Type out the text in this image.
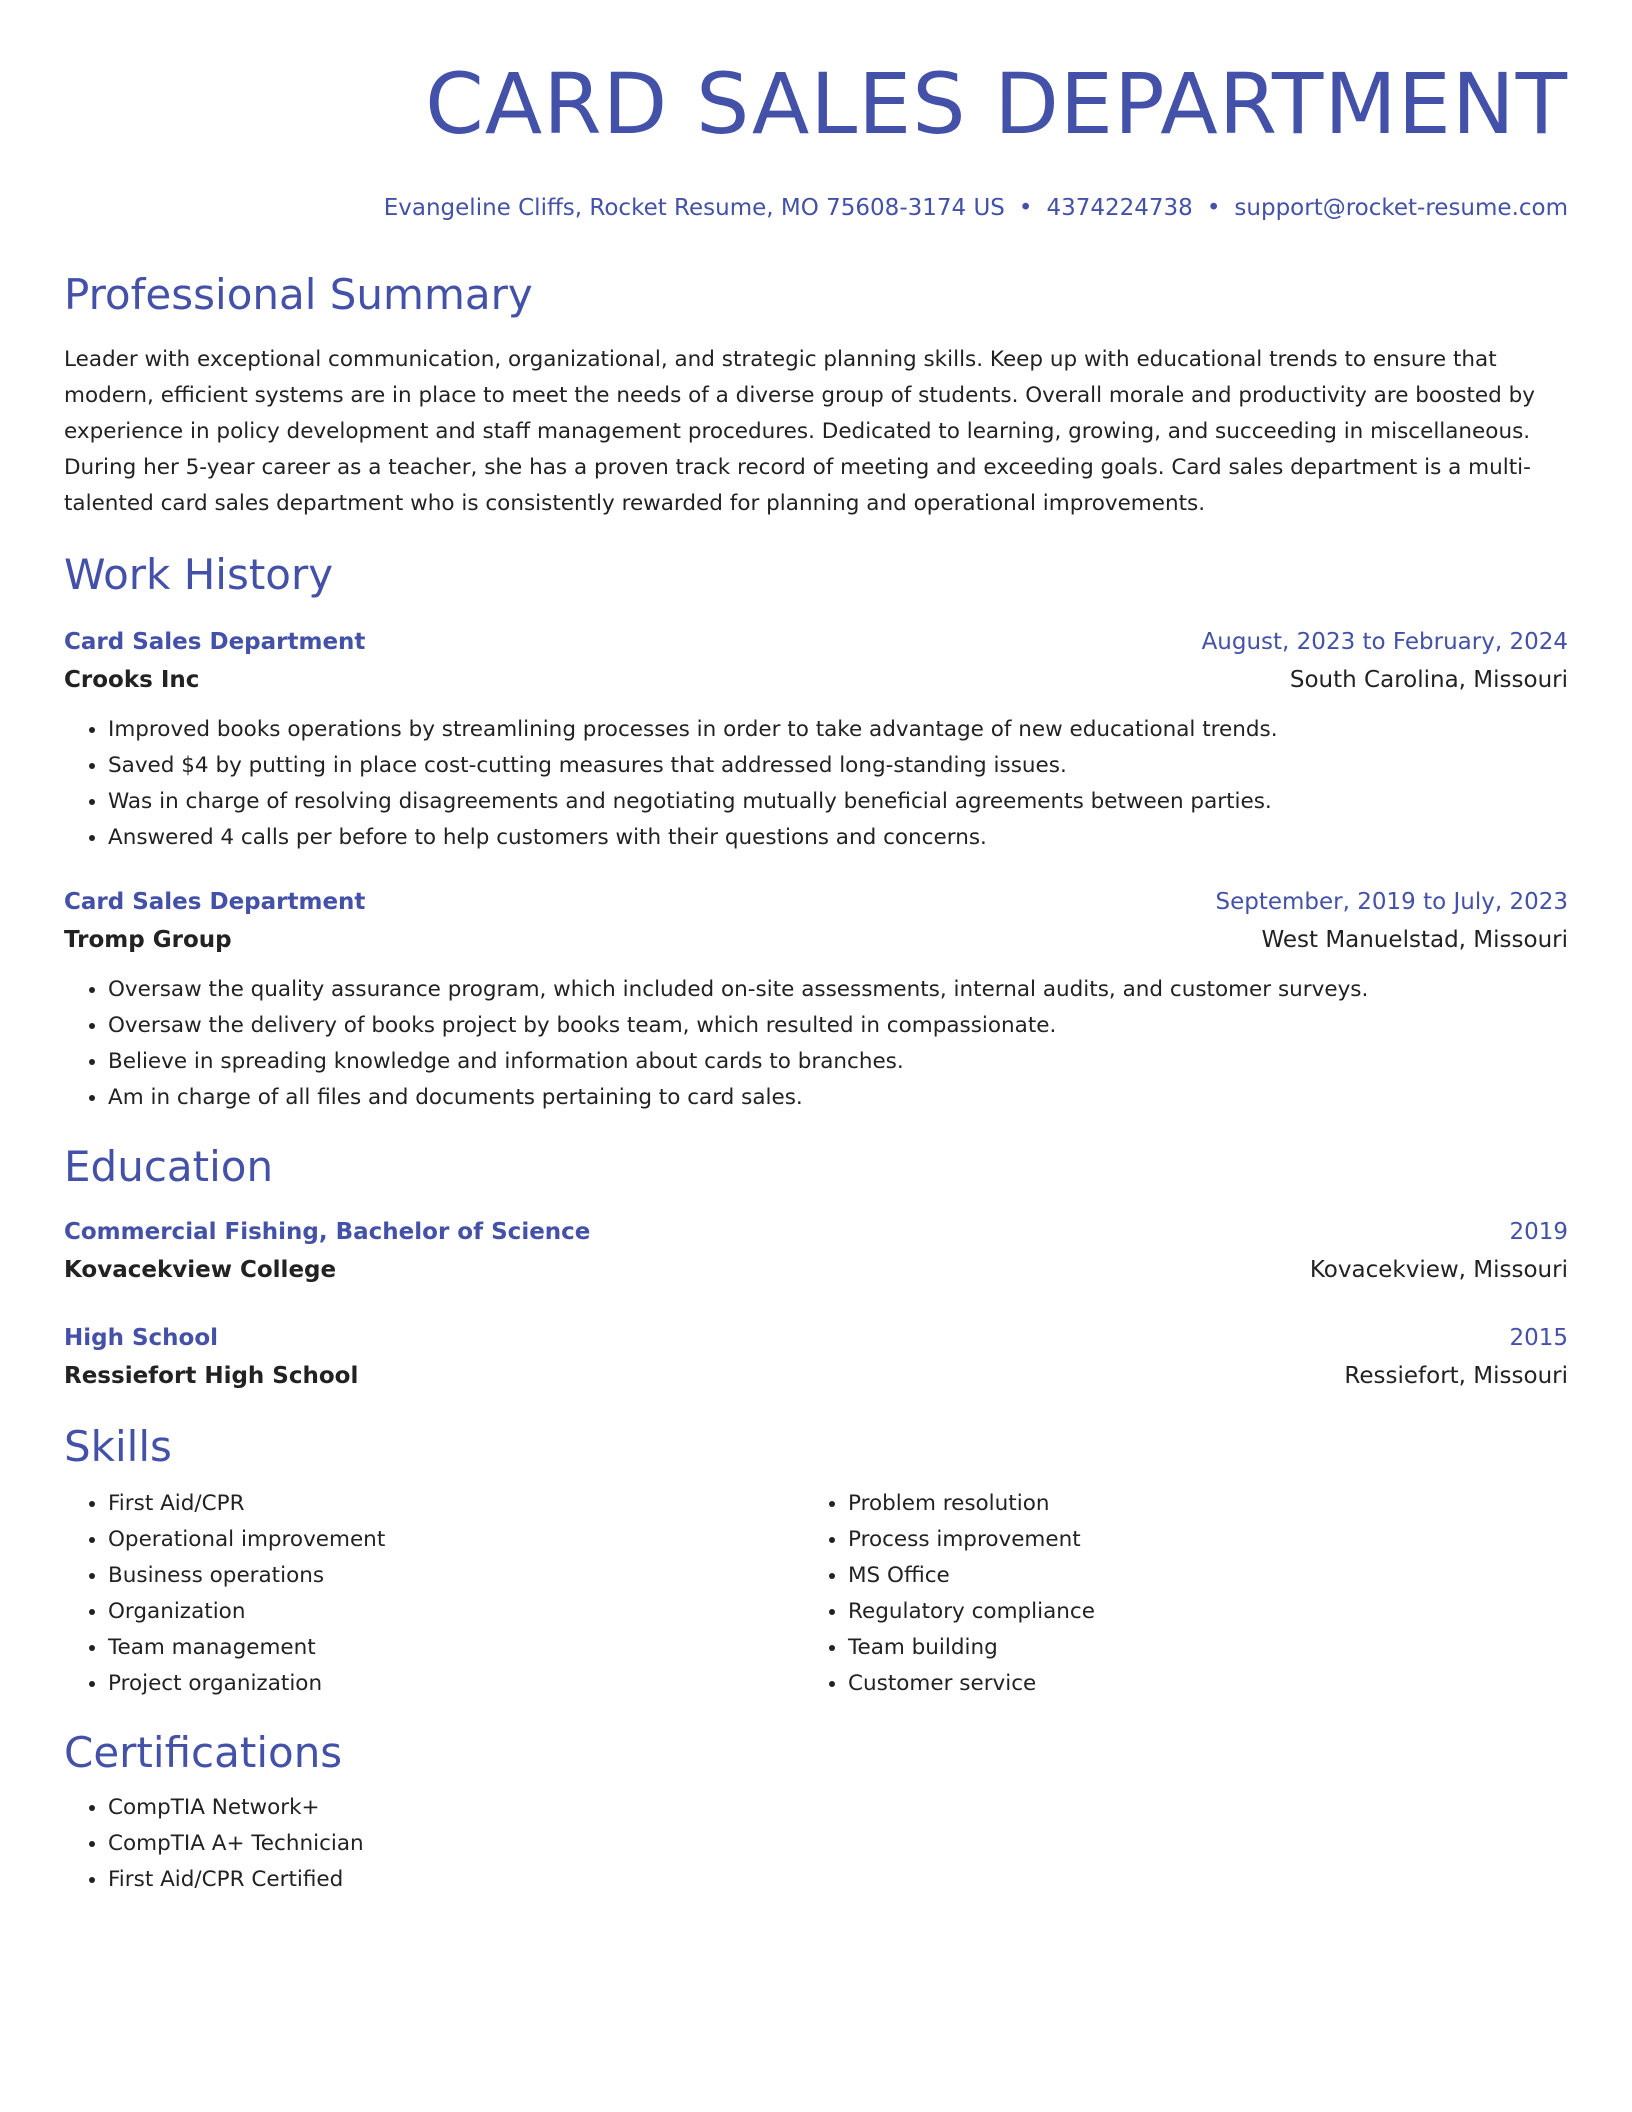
CARD SALES DEPARTMENT
Evangeline Cliffs, Rocket Resume, MO 75608-3174 US • 4374224738 • support@rocket-resume.com
Professional Summary
Leader with exceptional communication, organizational, and strategic planning skills. Keep up with educational trends to ensure that modern, efficient systems are in place to meet the needs of a diverse group of students. Overall morale and productivity are boosted by experience in policy development and staff management procedures. Dedicated to learning, growing, and succeeding in miscellaneous. During her 5-year career as a teacher, she has a proven track record of meeting and exceeding goals. Card sales department is a multi-talented card sales department who is consistently rewarded for planning and operational improvements.
Work History
Card Sales Department	August, 2023 to February, 2024
Crooks Inc	South Carolina, Missouri
• Improved books operations by streamlining processes in order to take advantage of new educational trends.
• Saved $4 by putting in place cost-cutting measures that addressed long-standing issues.
• Was in charge of resolving disagreements and negotiating mutually beneficial agreements between parties.
• Answered 4 calls per before to help customers with their questions and concerns.
Card Sales Department	September, 2019 to July, 2023
Tromp Group	West Manuelstad, Missouri
• Oversaw the quality assurance program, which included on-site assessments, internal audits, and customer surveys.
• Oversaw the delivery of books project by books team, which resulted in compassionate.
• Believe in spreading knowledge and information about cards to branches.
• Am in charge of all files and documents pertaining to card sales.
Education
Commercial Fishing, Bachelor of Science	2019
Kovacekview College	Kovacekview, Missouri
High School	2015
Ressiefort High School	Ressiefort, Missouri
Skills
• First Aid/CPR
• Operational improvement
• Business operations
• Organization
• Team management
• Project organization
• Problem resolution
• Process improvement
• MS Office
• Regulatory compliance
• Team building
• Customer service
Certifications
• CompTIA Network+
• CompTIA A+ Technician
• First Aid/CPR Certified
